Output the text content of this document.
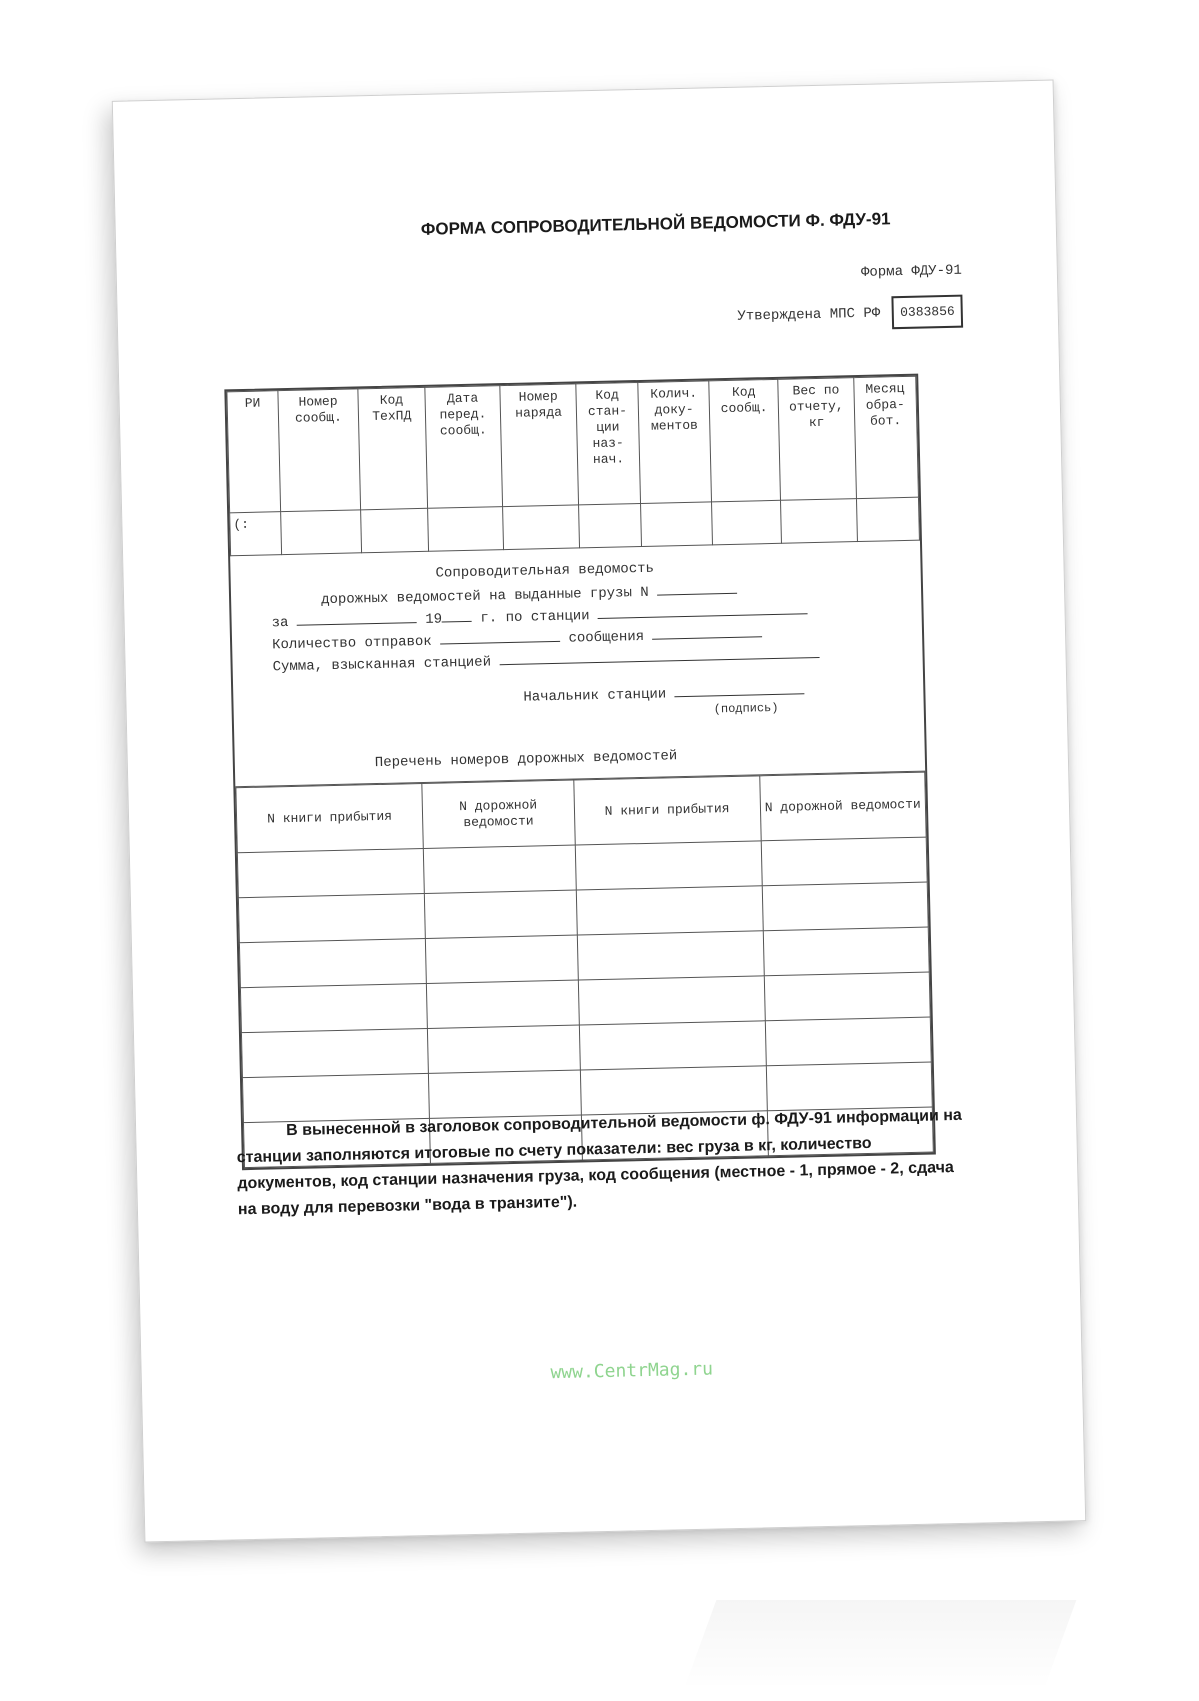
ФОРМА СОПРОВОДИТЕЛЬНОЙ ВЕДОМОСТИ Ф. ФДУ-91
Форма ФДУ-91
Утверждена МПС РФ	0383856
РИ	Номер сообщ.	Код ТехПД	Дата перед. сообщ.	Номер наряда	Код стан- ции наз- нач.	Колич. доку- ментов	Код сообщ.	Вес по отчету, кг	Месяц обра- бот.
(:									
Сопроводительная ведомость
дорожных ведомостей на выданные грузы N
за	19	г. по станции
Количество отправок	сообщения
Сумма, взысканная станцией
Начальник станции
(подпись)
Перечень номеров дорожных ведомостей
N книги прибытия	N дорожной ведомости	N книги прибытия	N дорожной ведомости

В вынесенной в заголовок сопроводительной ведомости ф. ФДУ-91 информации на станции заполняются итоговые по счету показатели: вес груза в кг, количество документов, код станции назначения груза, код сообщения (местное - 1, прямое - 2, сдача на воду для перевозки "вода в транзите").
www.CentrMag.ru
